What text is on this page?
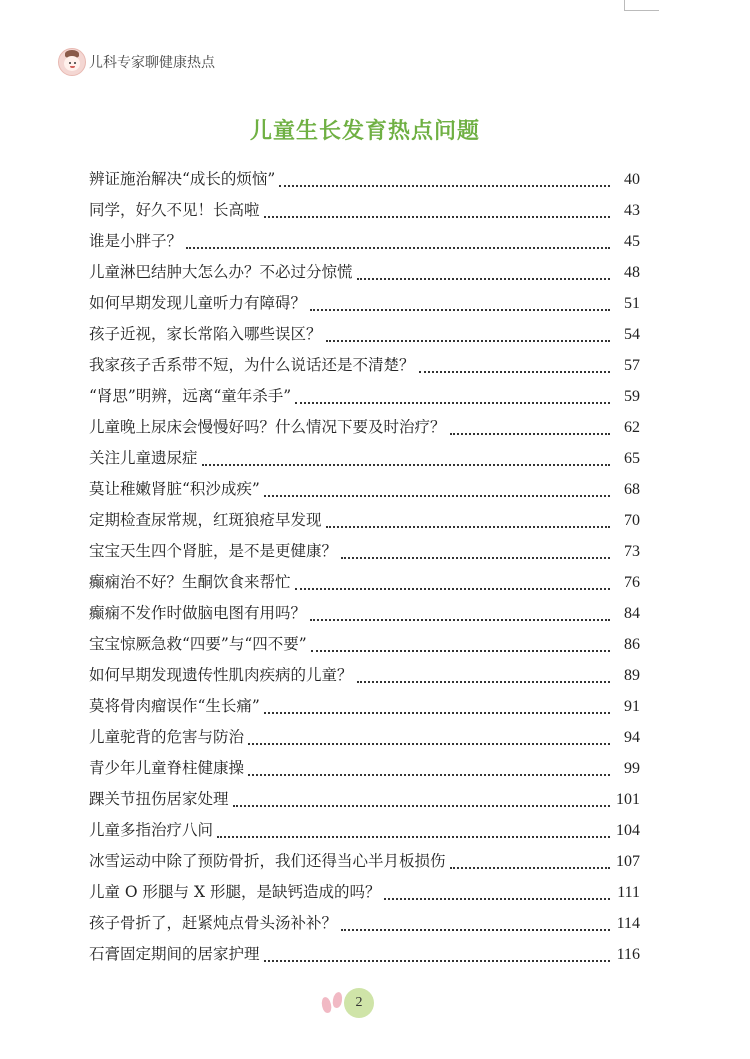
儿科专家聊健康热点
儿童生长发育热点问题
辨证施治解决“成长的烦恼”	40
同学，好久不见！长高啦	43
谁是小胖子？	45
儿童淋巴结肿大怎么办？不必过分惊慌	48
如何早期发现儿童听力有障碍？	51
孩子近视，家长常陷入哪些误区？	54
我家孩子舌系带不短，为什么说话还是不清楚？	57
“肾思”明辨，远离“童年杀手”	59
儿童晚上尿床会慢慢好吗？什么情况下要及时治疗？	62
关注儿童遗尿症	65
莫让稚嫩肾脏“积沙成疾”	68
定期检查尿常规，红斑狼疮早发现	70
宝宝天生四个肾脏，是不是更健康？	73
癫痫治不好？生酮饮食来帮忙	76
癫痫不发作时做脑电图有用吗？	84
宝宝惊厥急救“四要”与“四不要”	86
如何早期发现遗传性肌肉疾病的儿童？	89
莫将骨肉瘤误作“生长痛”	91
儿童驼背的危害与防治	94
青少年儿童脊柱健康操	99
踝关节扭伤居家处理	101
儿童多指治疗八问	104
冰雪运动中除了预防骨折，我们还得当心半月板损伤	107
儿童 O 形腿与 X 形腿，是缺钙造成的吗？	111
孩子骨折了，赶紧炖点骨头汤补补？	114
石膏固定期间的居家护理	116
2
